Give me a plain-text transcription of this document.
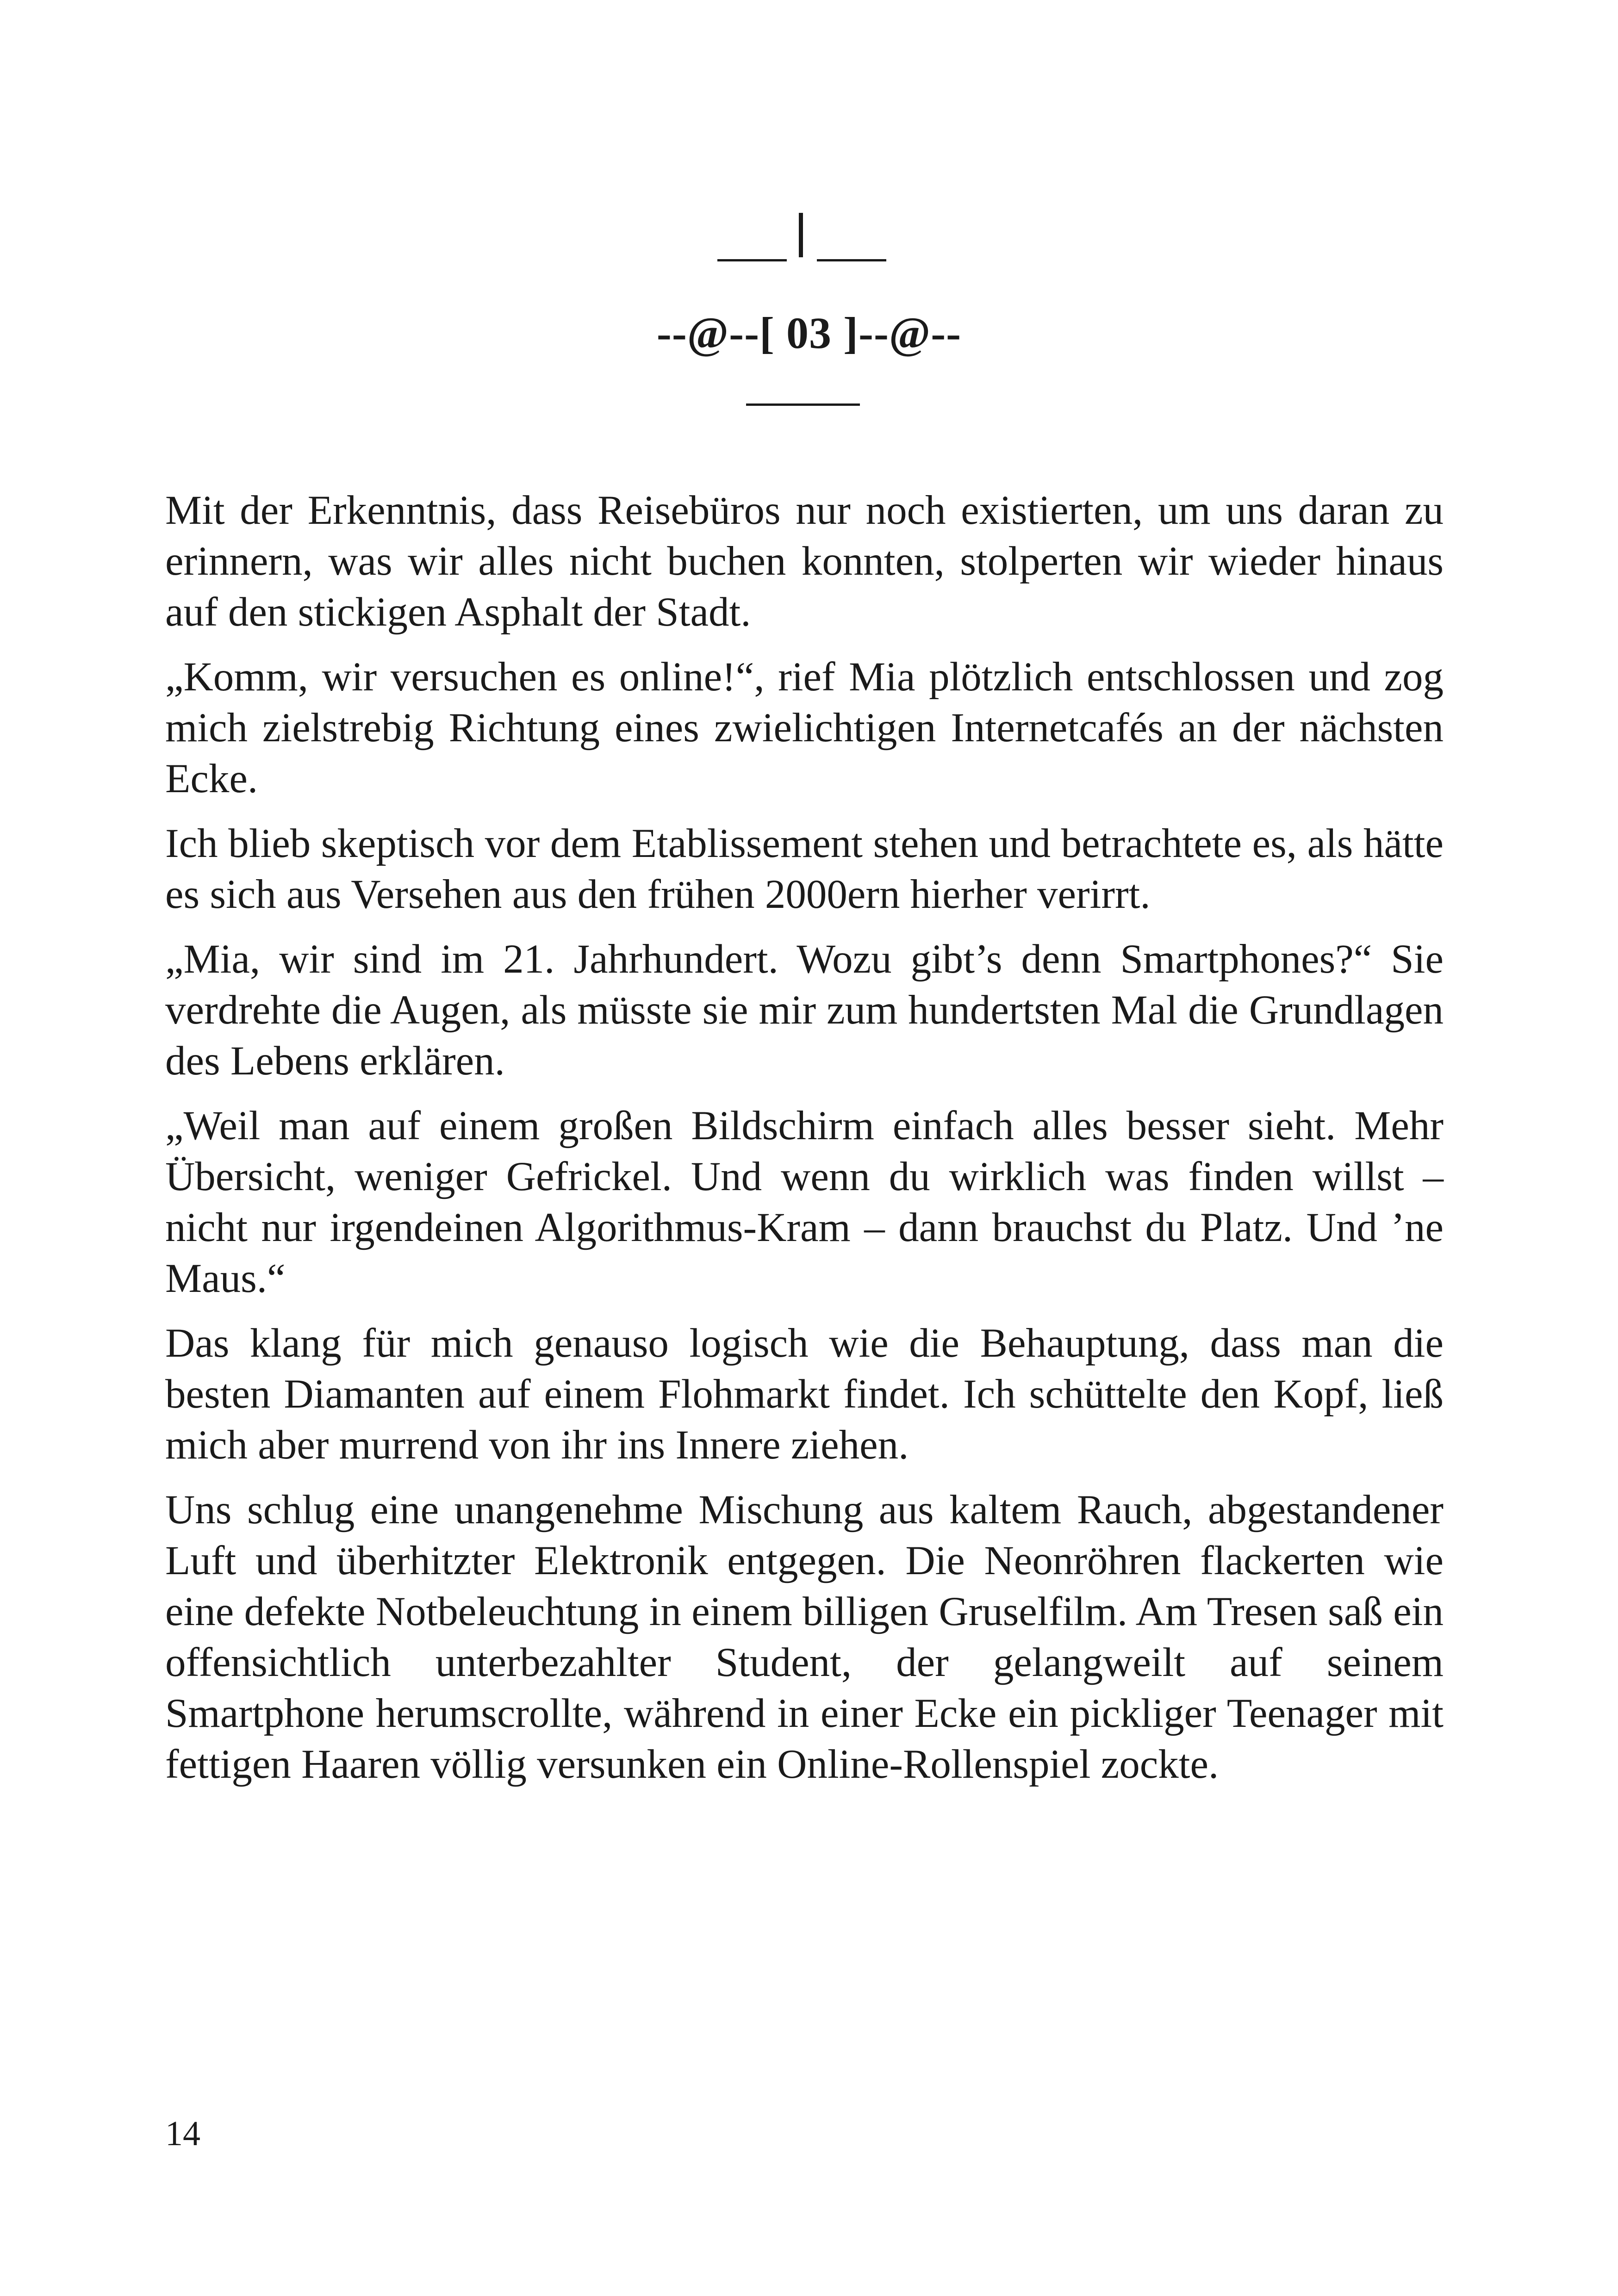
--@--[ 03 ]--@--

Mit der Erkenntnis, dass Reisebüros nur noch existierten, um uns daran zu erinnern, was wir alles nicht buchen konnten, stolperten wir wieder hinaus auf den stickigen Asphalt der Stadt.

„Komm, wir versuchen es online!“, rief Mia plötzlich entschlossen und zog mich zielstrebig Richtung eines zwielichtigen Internetcafés an der nächsten Ecke.

Ich blieb skeptisch vor dem Etablissement stehen und betrachtete es, als hätte es sich aus Versehen aus den frühen 2000ern hierher verirrt.

„Mia, wir sind im 21. Jahrhundert. Wozu gibt’s denn Smartphones?“ Sie verdrehte die Augen, als müsste sie mir zum hundertsten Mal die Grundlagen des Lebens erklären.

„Weil man auf einem großen Bildschirm einfach alles besser sieht. Mehr Übersicht, weniger Gefrickel. Und wenn du wirklich was finden willst – nicht nur irgendeinen Algorithmus-Kram – dann brauchst du Platz. Und ’ne Maus.“

Das klang für mich genauso logisch wie die Behauptung, dass man die besten Diamanten auf einem Flohmarkt findet. Ich schüttelte den Kopf, ließ mich aber murrend von ihr ins Innere ziehen.

Uns schlug eine unangenehme Mischung aus kaltem Rauch, abgestandener Luft und überhitzter Elektronik entgegen. Die Neonröhren flackerten wie eine defekte Notbeleuchtung in einem billigen Gruselfilm. Am Tresen saß ein offensichtlich unterbezahlter Student, der gelangweilt auf seinem Smartphone herumscrollte, während in einer Ecke ein pickliger Teenager mit fettigen Haaren völlig versunken ein Online-Rollenspiel zockte.

14
